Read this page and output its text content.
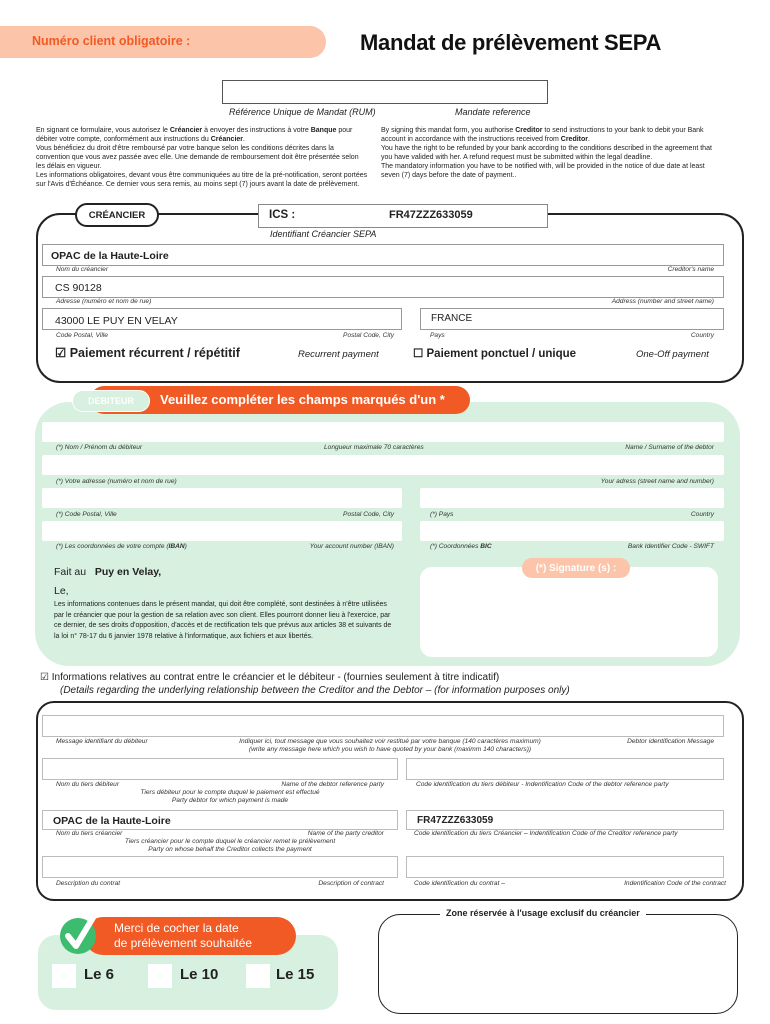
Numéro client obligatoire :	Mandat de prélèvement SEPA
Référence Unique de Mandat (RUM)	Mandate reference
En signant ce formulaire, vous autorisez le Créancier à envoyer des instructions à votre Banque pour débiter votre compte, conformément aux instructions du Créancier.
Vous bénéficiez du droit d'être remboursé par votre banque selon les conditions décrites dans la convention que vous avez passée avec elle. Une demande de remboursement doit être présentée selon les délais en vigueur.
Les informations obligatoires, devant vous être communiquées au titre de la pré-notification, seront portées sur l'Avis d'Échéance. Ce dernier vous sera remis, au moins sept (7) jours avant la date de prélèvement.
By signing this mandat form, you authorise Creditor to send instructions to your bank to debit your Bank account in accordance with the instructions received from Creditor.
You have the right to be refunded by your bank according to the conditions described in the agreement that you have valided with her. A refund request must be submitted within the legal deadline.
The mandatory information you have to be notified with, will be provided in the notice of due date at least seven (7) days before the date of payment..
CRÉANCIER	ICS :	FR47ZZZ633059
Identifiant Créancier SEPA
OPAC de la Haute-Loire
Nom du créancier	Creditor's name
CS 90128
Adresse (numéro et nom de rue)	Address (number and street name)
43000 LE PUY EN VELAY	FRANCE
Code Postal, Ville	Postal Code, City	Pays	Country
☑ Paiement récurrent / répétitif	Recurrent payment	☐ Paiement ponctuel / unique	One-Off payment
Veuillez compléter les champs marqués d'un *
DEBITEUR
(*) Nom / Prénom du débiteur	Longueur maximale 70 caractères	Name / Surname of the debtor
(*) Votre adresse (numéro et nom de rue)	Your adress (street name and number)
(*) Code Postal, Ville	Postal Code, City	(*) Pays	Country
(*) Les coordonnées de votre compte (IBAN)	Your account number (IBAN)	(*) Coordonnées BIC	Bank Identifier Code - SWIFT
Fait au Puy en Velay,
Le,
(*) Signature (s) :
Les informations contenues dans le présent mandat, qui doit être complété, sont destinées à n'être utilisées par le créancier que pour la gestion de sa relation avec son client. Elles pourront donner lieu à l'exercice, par ce dernier, de ses droits d'opposition, d'accès et de rectification tels que prévus aux articles 38 et suivants de la loi n° 78-17 du 6 janvier 1978 relative à l'informatique, aux fichiers et aux libertés.
☑ Informations relatives au contrat entre le créancier et le débiteur - (fournies seulement à titre indicatif)
(Details regarding the underlying relationship between the Creditor and the Debtor – (for information purposes only)
Message identifiant du débiteur	Indiquer ici, tout message que vous souhaitez voir restitué par votre banque (140 caractères maximum)
(write any message here which you wish to have quoted by your bank (maximm 140 characters))
Debtor identification Message
Nom du tiers débiteur	Name of the debtor reference party
Tiers débiteur pour le compte duquel le paiement est effectué
Party debtor for which payment is made
Code identification du tiers débiteur - Indentification Code of the debtor reference party
OPAC de la Haute-Loire	FR47ZZZ633059
Nom du tiers créancier	Name of the party creditor
Tiers créancier pour le compte duquel le créancier remet le prélèvement
Party on whose behalf the Creditor collects the payment
Code identification du tiers Créancier – Indentification Code of the Creditor reference party
Description du contrat	Description of contract	Code identification du contrat –	Indentification Code of the contract
Merci de cocher la date
de prélèvement souhaitée
Le 6	Le 10	Le 15
Zone réservée à l'usage exclusif du créancier
